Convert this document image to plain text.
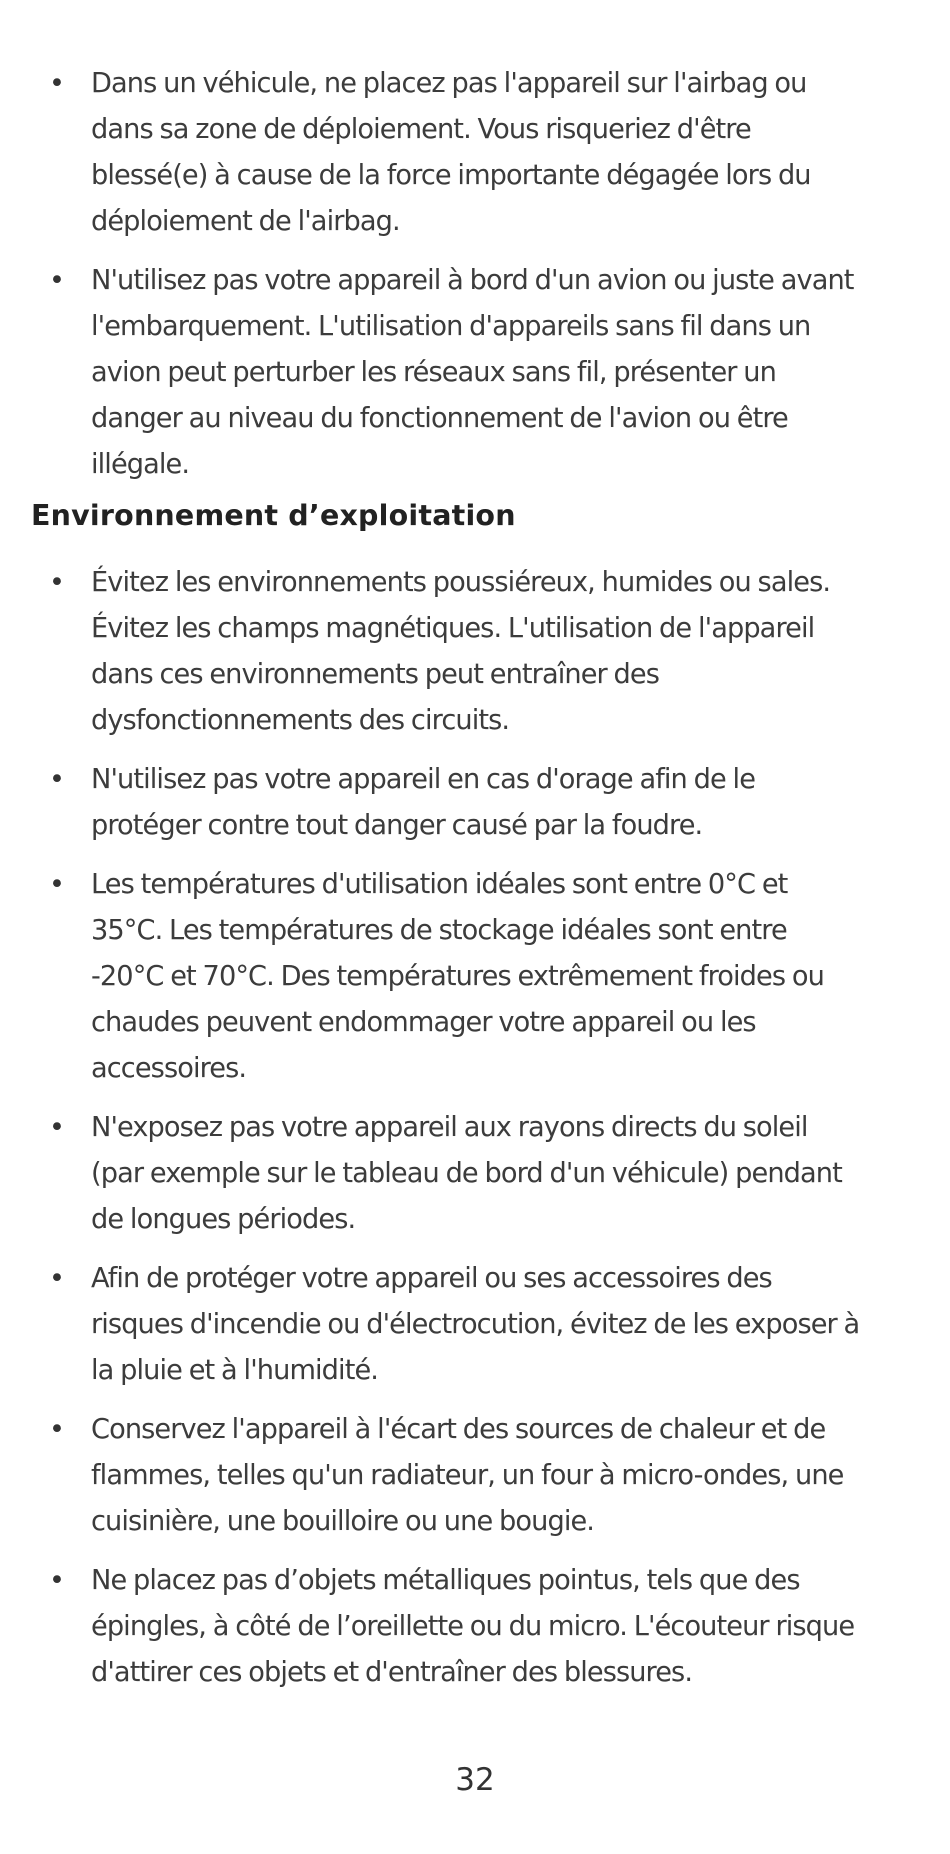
• Dans un véhicule, ne placez pas l'appareil sur l'airbag ou dans sa zone de déploiement. Vous risqueriez d'être blessé(e) à cause de la force importante dégagée lors du déploiement de l'airbag.
• N'utilisez pas votre appareil à bord d'un avion ou juste avant l'embarquement. L'utilisation d'appareils sans fil dans un avion peut perturber les réseaux sans fil, présenter un danger au niveau du fonctionnement de l'avion ou être illégale.
Environnement d’exploitation
• Évitez les environnements poussiéreux, humides ou sales. Évitez les champs magnétiques. L'utilisation de l'appareil dans ces environnements peut entraîner des dysfonctionnements des circuits.
• N'utilisez pas votre appareil en cas d'orage afin de le protéger contre tout danger causé par la foudre.
• Les températures d'utilisation idéales sont entre 0°C et 35°C. Les températures de stockage idéales sont entre -20°C et 70°C. Des températures extrêmement froides ou chaudes peuvent endommager votre appareil ou les accessoires.
• N'exposez pas votre appareil aux rayons directs du soleil (par exemple sur le tableau de bord d'un véhicule) pendant de longues périodes.
• Afin de protéger votre appareil ou ses accessoires des risques d'incendie ou d'électrocution, évitez de les exposer à la pluie et à l'humidité.
• Conservez l'appareil à l'écart des sources de chaleur et de flammes, telles qu'un radiateur, un four à micro-ondes, une cuisinière, une bouilloire ou une bougie.
• Ne placez pas d’objets métalliques pointus, tels que des épingles, à côté de l’oreillette ou du micro. L'écouteur risque d'attirer ces objets et d'entraîner des blessures.
32
